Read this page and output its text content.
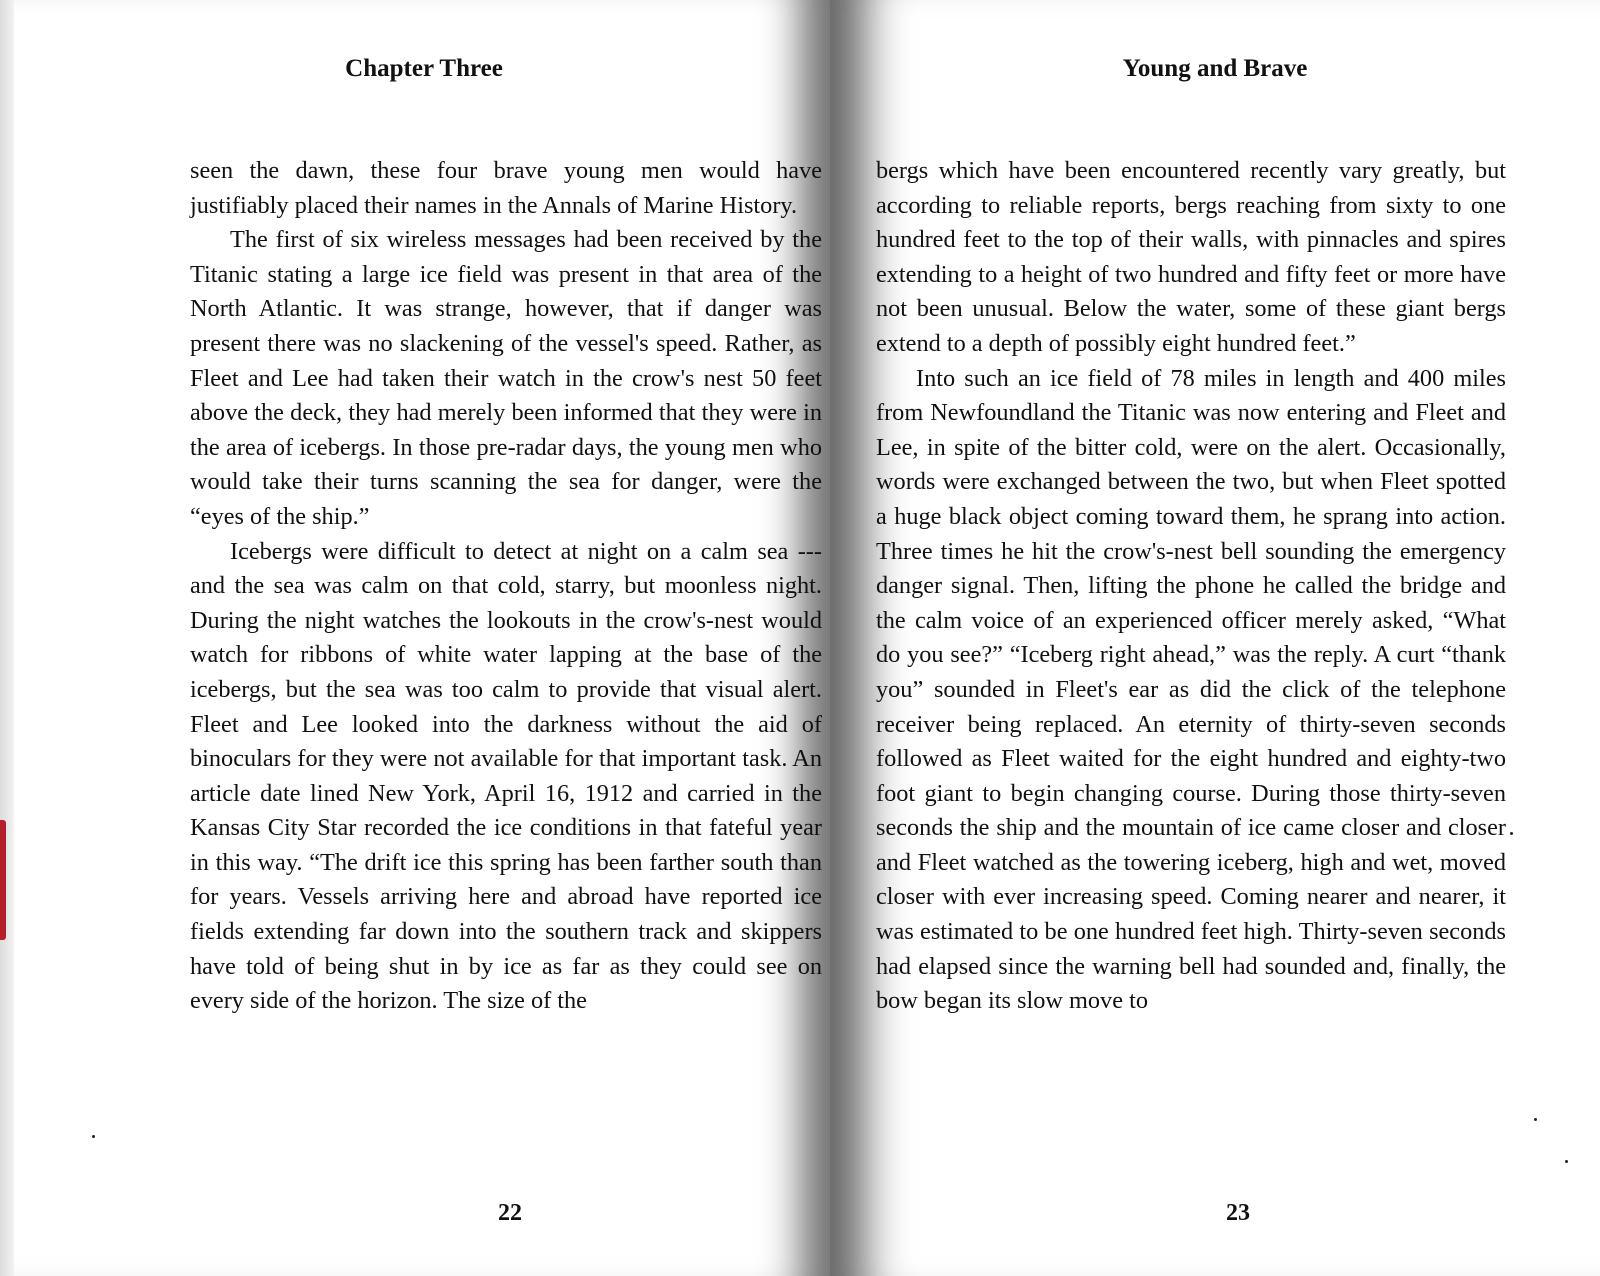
Chapter Three

seen the dawn, these four brave young men would have justifiably placed their names in the Annals of Marine History.

The first of six wireless messages had been received by the Titanic stating a large ice field was present in that area of the North Atlantic. It was strange, however, that if danger was present there was no slackening of the vessel's speed. Rather, as Fleet and Lee had taken their watch in the crow's nest 50 feet above the deck, they had merely been informed that they were in the area of icebergs. In those pre-radar days, the young men who would take their turns scanning the sea for danger, were the “eyes of the ship.”

Icebergs were difficult to detect at night on a calm sea --- and the sea was calm on that cold, starry, but moonless night. During the night watches the lookouts in the crow's-nest would watch for ribbons of white water lapping at the base of the icebergs, but the sea was too calm to provide that visual alert. Fleet and Lee looked into the darkness without the aid of binoculars for they were not available for that important task. An article date lined New York, April 16, 1912 and carried in the Kansas City Star recorded the ice conditions in that fateful year in this way. “The drift ice this spring has been farther south than for years. Vessels arriving here and abroad have reported ice fields extending far down into the southern track and skippers have told of being shut in by ice as far as they could see on every side of the horizon. The size of the

22
Young and Brave

bergs which have been encountered recently vary greatly, but according to reliable reports, bergs reaching from sixty to one hundred feet to the top of their walls, with pinnacles and spires extending to a height of two hundred and fifty feet or more have not been unusual. Below the water, some of these giant bergs extend to a depth of possibly eight hundred feet.”

Into such an ice field of 78 miles in length and 400 miles from Newfoundland the Titanic was now entering and Fleet and Lee, in spite of the bitter cold, were on the alert. Occasionally, words were exchanged between the two, but when Fleet spotted a huge black object coming toward them, he sprang into action. Three times he hit the crow's-nest bell sounding the emergency danger signal. Then, lifting the phone he called the bridge and the calm voice of an experienced officer merely asked, “What do you see?” “Iceberg right ahead,” was the reply. A curt “thank you” sounded in Fleet's ear as did the click of the telephone receiver being replaced. An eternity of thirty-seven seconds followed as Fleet waited for the eight hundred and eighty-two foot giant to begin changing course. During those thirty-seven seconds the ship and the mountain of ice came closer and closer and Fleet watched as the towering iceberg, high and wet, moved closer with ever increasing speed. Coming nearer and nearer, it was estimated to be one hundred feet high. Thirty-seven seconds had elapsed since the warning bell had sounded and, finally, the bow began its slow move to

23
